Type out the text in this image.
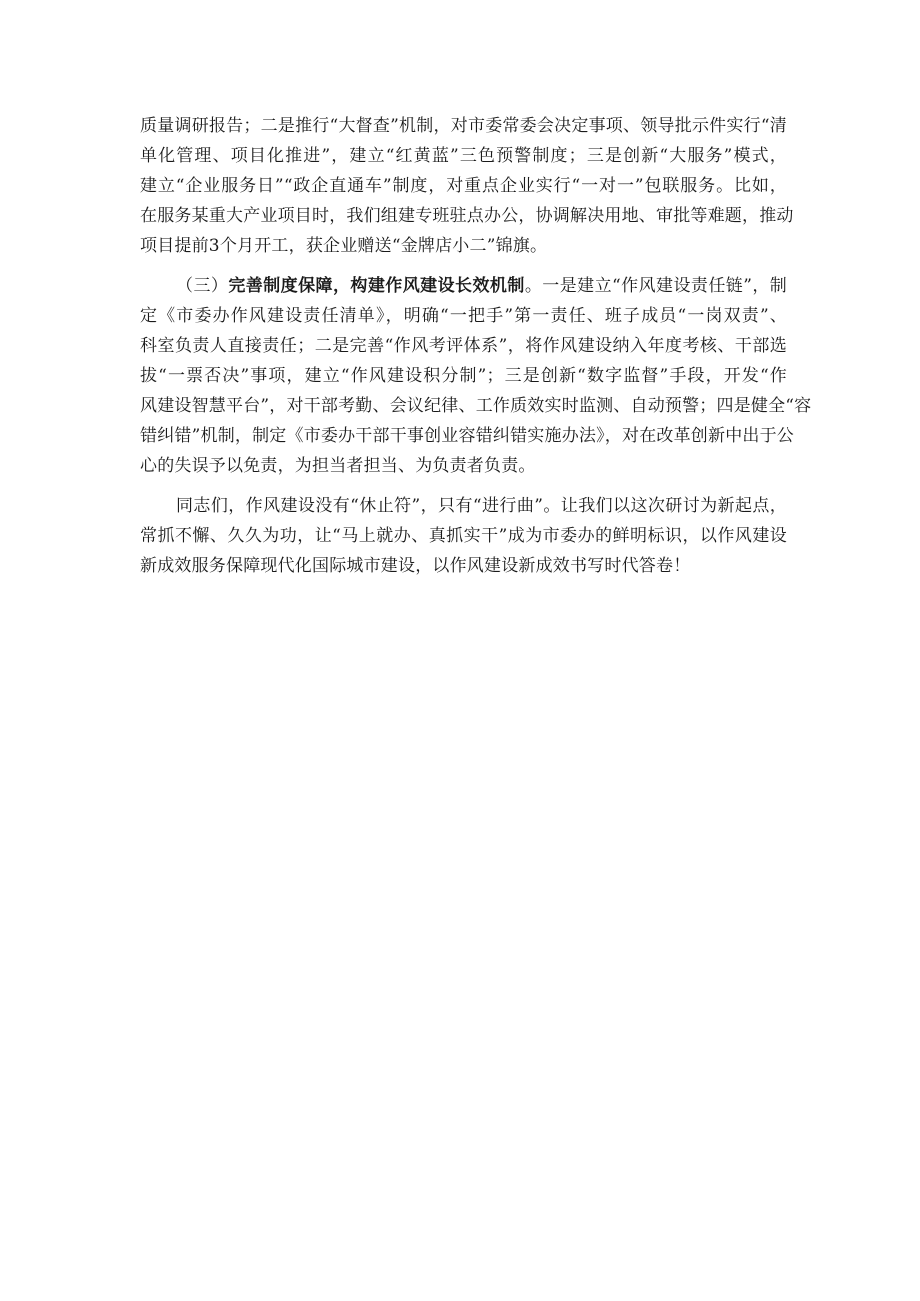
质量调研报告；二是推行“大督查”机制，对市委常委会决定事项、领导批示件实行“清
单化管理、项目化推进”，建立“红黄蓝”三色预警制度；三是创新“大服务”模式，
建立“企业服务日”“政企直通车”制度，对重点企业实行“一对一”包联服务。比如，
在服务某重大产业项目时，我们组建专班驻点办公，协调解决用地、审批等难题，推动
项目提前3个月开工，获企业赠送“金牌店小二”锦旗。
（三）完善制度保障，构建作风建设长效机制。一是建立“作风建设责任链”，制
定《市委办作风建设责任清单》，明确“一把手”第一责任、班子成员“一岗双责”、
科室负责人直接责任；二是完善“作风考评体系”，将作风建设纳入年度考核、干部选
拔“一票否决”事项，建立“作风建设积分制”；三是创新“数字监督”手段，开发“作
风建设智慧平台”，对干部考勤、会议纪律、工作质效实时监测、自动预警；四是健全“容
错纠错”机制，制定《市委办干部干事创业容错纠错实施办法》，对在改革创新中出于公
心的失误予以免责，为担当者担当、为负责者负责。
同志们，作风建设没有“休止符”，只有“进行曲”。让我们以这次研讨为新起点，
常抓不懈、久久为功，让“马上就办、真抓实干”成为市委办的鲜明标识，以作风建设
新成效服务保障现代化国际城市建设，以作风建设新成效书写时代答卷！
